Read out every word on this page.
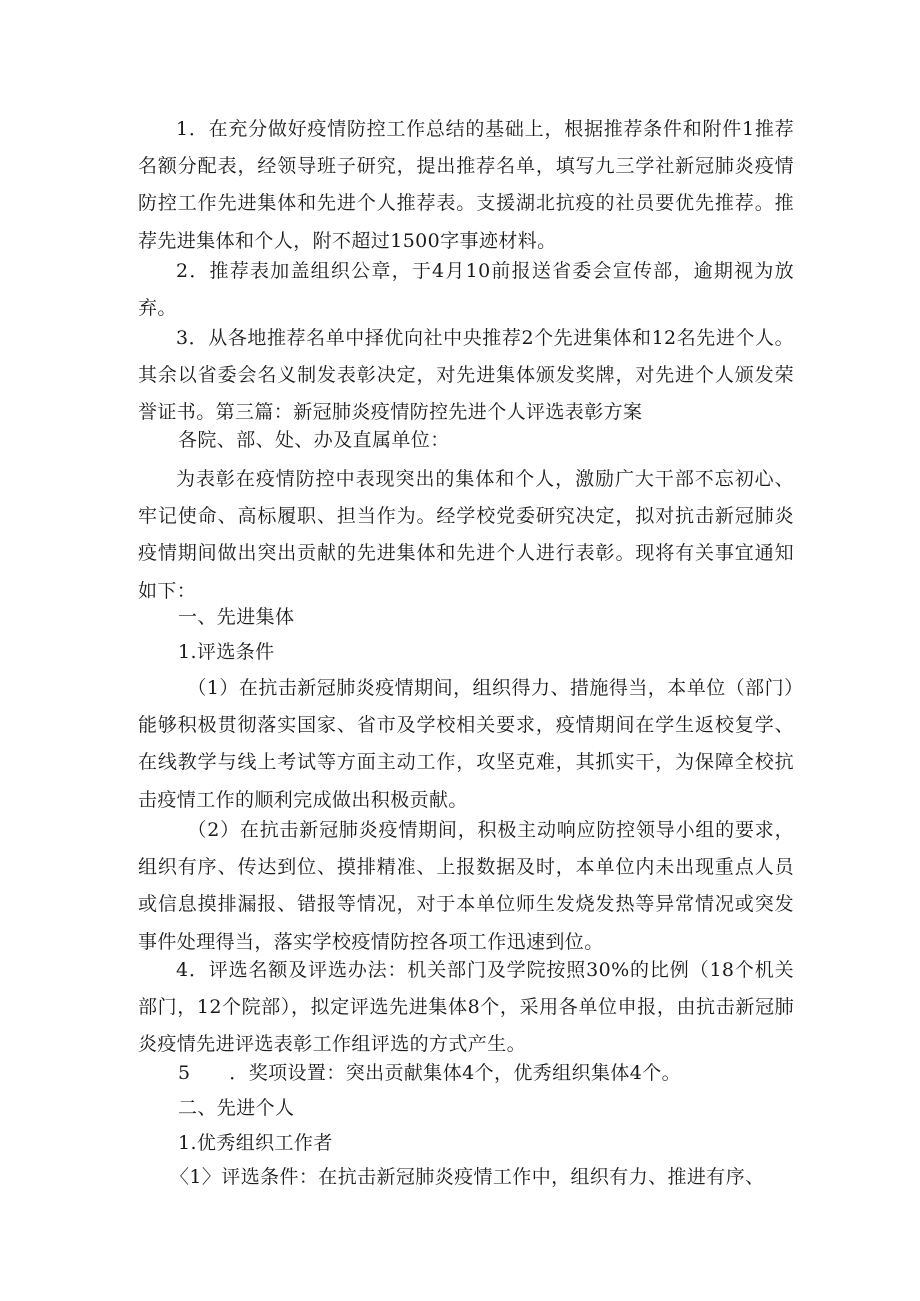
1．在充分做好疫情防控工作总结的基础上，根据推荐条件和附件1推荐名额分配表，经领导班子研究，提出推荐名单，填写九三学社新冠肺炎疫情防控工作先进集体和先进个人推荐表。支援湖北抗疫的社员要优先推荐。推荐先进集体和个人，附不超过1500字事迹材料。

2．推荐表加盖组织公章，于4月10前报送省委会宣传部，逾期视为放弃。

3．从各地推荐名单中择优向社中央推荐2个先进集体和12名先进个人。其余以省委会名义制发表彰决定，对先进集体颁发奖牌，对先进个人颁发荣誉证书。第三篇：新冠肺炎疫情防控先进个人评选表彰方案

各院、部、处、办及直属单位：

为表彰在疫情防控中表现突出的集体和个人，激励广大干部不忘初心、牢记使命、高标履职、担当作为。经学校党委研究决定，拟对抗击新冠肺炎疫情期间做出突出贡献的先进集体和先进个人进行表彰。现将有关事宜通知如下：

一、先进集体
1.评选条件

（1）在抗击新冠肺炎疫情期间，组织得力、措施得当，本单位（部门）能够积极贯彻落实国家、省市及学校相关要求，疫情期间在学生返校复学、在线教学与线上考试等方面主动工作，攻坚克难，其抓实干，为保障全校抗击疫情工作的顺利完成做出积极贡献。

（2）在抗击新冠肺炎疫情期间，积极主动响应防控领导小组的要求，组织有序、传达到位、摸排精准、上报数据及时，本单位内未出现重点人员或信息摸排漏报、错报等情况，对于本单位师生发烧发热等异常情况或突发事件处理得当，落实学校疫情防控各项工作迅速到位。

4．评选名额及评选办法：机关部门及学院按照30%的比例（18个机关部门，12个院部），拟定评选先进集体8个，采用各单位申报，由抗击新冠肺炎疫情先进评选表彰工作组评选的方式产生。

5　　．奖项设置：突出贡献集体4个，优秀组织集体4个。
二、先进个人
1.优秀组织工作者
〈1〉评选条件：在抗击新冠肺炎疫情工作中，组织有力、推进有序、
